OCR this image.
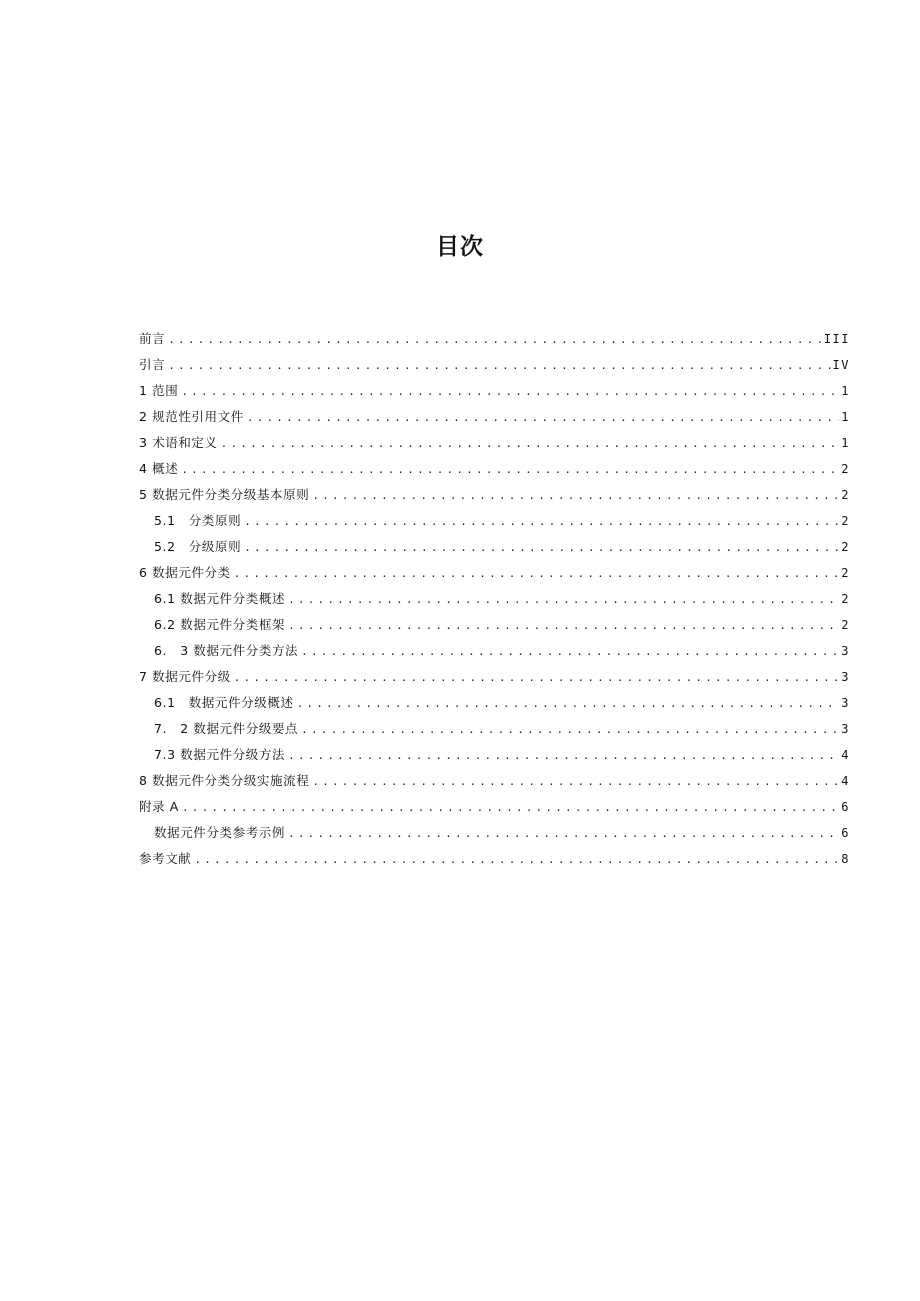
目次
前言 .....	III
引言 .....	IV
1 范围 .....	1
2 规范性引用文件 .....	1
3 术语和定义 .....	1
4 概述 .....	2
5 数据元件分类分级基本原则 .....	2
5.1　分类原则 .....	2
5.2　分级原则 .....	2
6 数据元件分类 .....	2
6.1 数据元件分类概述 .....	2
6.2 数据元件分类框架 .....	2
6.　3 数据元件分类方法 .....	3
7 数据元件分级 .....	3
6.1　数据元件分级概述 .....	3
7.　2 数据元件分级要点 .....	3
7.3 数据元件分级方法 .....	4
8 数据元件分类分级实施流程 .....	4
附录 A .....	6
数据元件分类参考示例 .....	6
参考文献 .....	8
